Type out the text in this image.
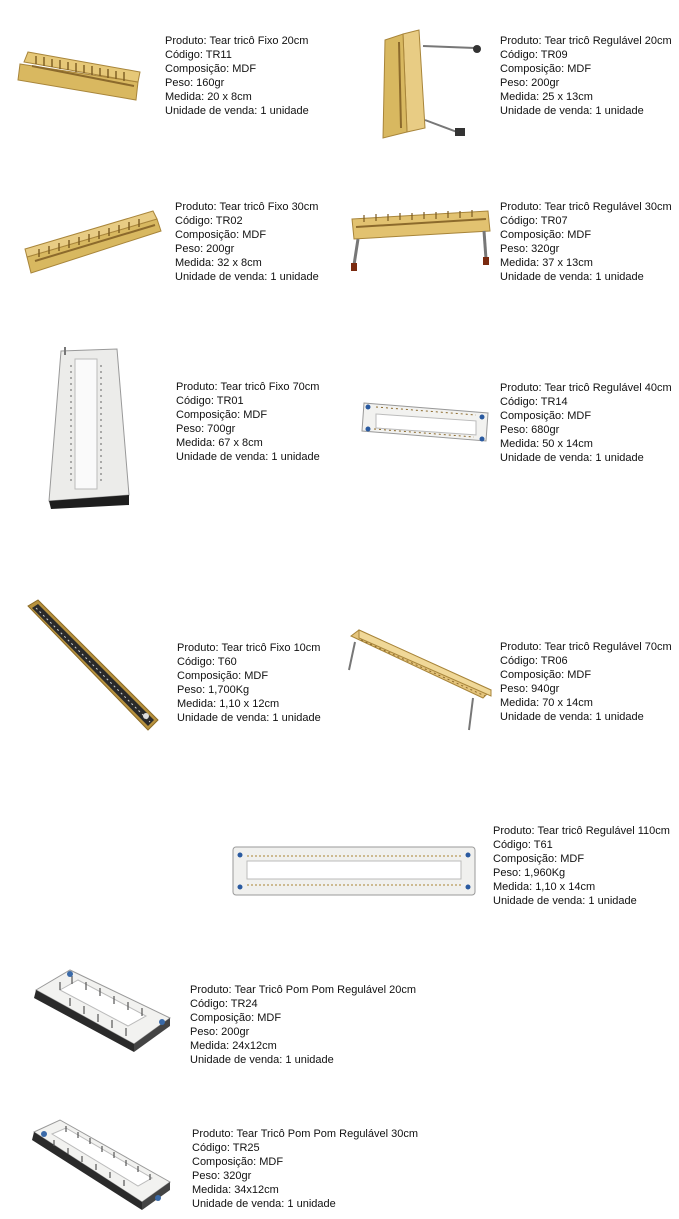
Produto: Tear tricô Fixo 20cm
Código: TR11
Composição: MDF
Peso: 160gr
Medida: 20 x 8cm
Unidade de venda: 1 unidade
Produto: Tear tricô Regulável 20cm
Código: TR09
Composição: MDF
Peso: 200gr
Medida: 25 x 13cm
Unidade de venda: 1 unidade
Produto: Tear tricô Fixo 30cm
Código: TR02
Composição: MDF
Peso: 200gr
Medida: 32 x 8cm
Unidade de venda: 1 unidade
Produto: Tear tricô Regulável 30cm
Código: TR07
Composição: MDF
Peso: 320gr
Medida: 37 x 13cm
Unidade de venda: 1 unidade
Produto: Tear tricô Fixo 70cm
Código: TR01
Composição: MDF
Peso: 700gr
Medida: 67 x 8cm
Unidade de venda: 1 unidade
Produto: Tear tricô Regulável 40cm
Código: TR14
Composição: MDF
Peso: 680gr
Medida: 50 x 14cm
Unidade de venda: 1 unidade
Produto: Tear tricô Fixo 10cm
Código: T60
Composição: MDF
Peso: 1,700Kg
Medida: 1,10 x 12cm
Unidade de venda: 1 unidade
Produto: Tear tricô Regulável 70cm
Código: TR06
Composição: MDF
Peso: 940gr
Medida: 70 x 14cm
Unidade de venda: 1 unidade
Produto: Tear tricô Regulável 110cm
Código: T61
Composição: MDF
Peso: 1,960Kg
Medida: 1,10 x 14cm
Unidade de venda: 1 unidade
Produto: Tear Tricô Pom Pom Regulável 20cm
Código: TR24
Composição: MDF
Peso: 200gr
Medida: 24x12cm
Unidade de venda: 1 unidade
Produto: Tear Tricô Pom Pom Regulável 30cm
Código: TR25
Composição: MDF
Peso: 320gr
Medida: 34x12cm
Unidade de venda: 1 unidade
